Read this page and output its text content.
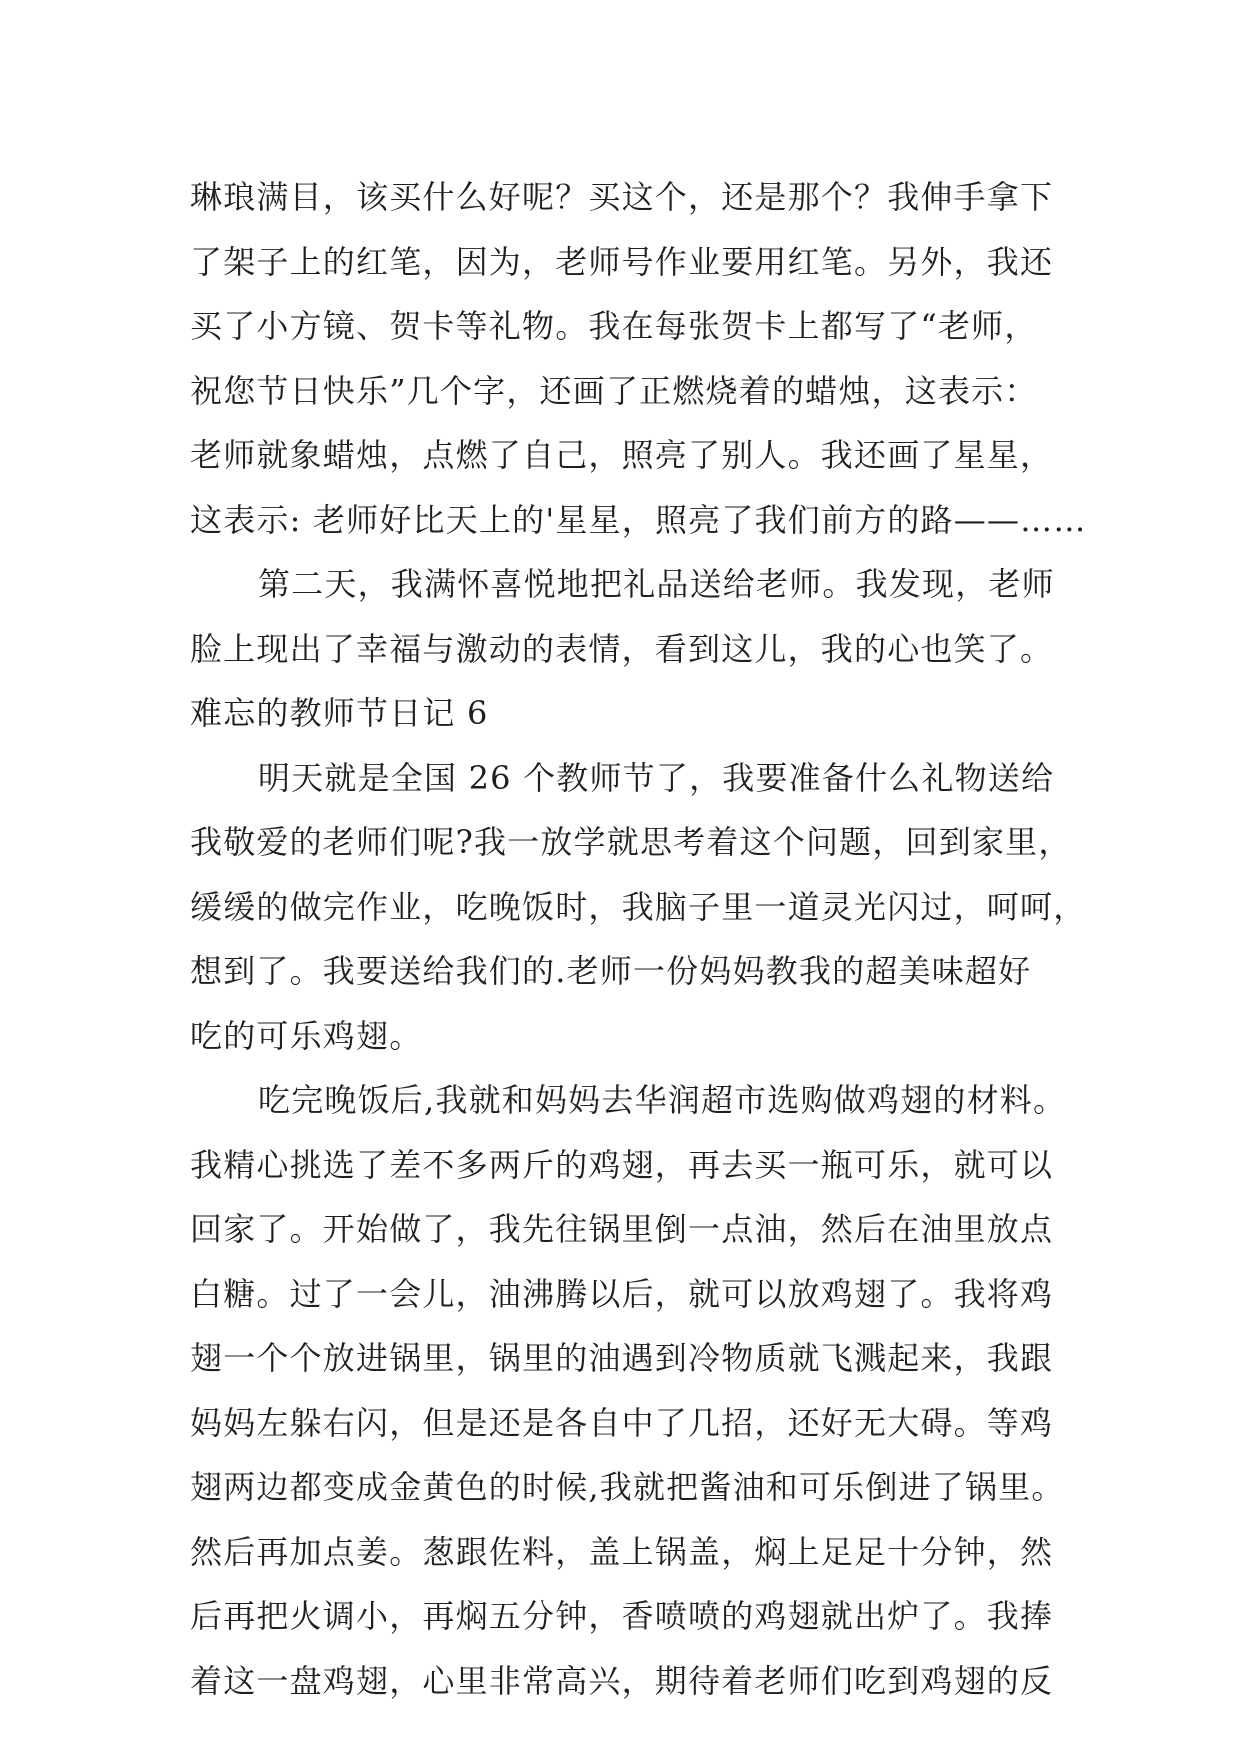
琳琅满目，该买什么好呢？买这个，还是那个？我伸手拿下
了架子上的红笔，因为，老师号作业要用红笔。另外，我还
买了小方镜、贺卡等礼物。我在每张贺卡上都写了“老师，
祝您节日快乐”几个字，还画了正燃烧着的蜡烛，这表示：
老师就象蜡烛，点燃了自己，照亮了别人。我还画了星星，
这表示: 老师好比天上的'星星，照亮了我们前方的路——……
第二天，我满怀喜悦地把礼品送给老师。我发现，老师
脸上现出了幸福与激动的表情，看到这儿，我的心也笑了。
难忘的教师节日记 6
明天就是全国 26 个教师节了，我要准备什么礼物送给
我敬爱的老师们呢?我一放学就思考着这个问题，回到家里，
缓缓的做完作业，吃晚饭时，我脑子里一道灵光闪过，呵呵，
想到了。我要送给我们的.老师一份妈妈教我的超美味超好
吃的可乐鸡翅。
吃完晚饭后,我就和妈妈去华润超市选购做鸡翅的材料。
我精心挑选了差不多两斤的鸡翅，再去买一瓶可乐，就可以
回家了。开始做了，我先往锅里倒一点油，然后在油里放点
白糖。过了一会儿，油沸腾以后，就可以放鸡翅了。我将鸡
翅一个个放进锅里，锅里的油遇到冷物质就飞溅起来，我跟
妈妈左躲右闪，但是还是各自中了几招，还好无大碍。等鸡
翅两边都变成金黄色的时候,我就把酱油和可乐倒进了锅里。
然后再加点姜。葱跟佐料，盖上锅盖，焖上足足十分钟，然
后再把火调小，再焖五分钟，香喷喷的鸡翅就出炉了。我捧
着这一盘鸡翅，心里非常高兴，期待着老师们吃到鸡翅的反
